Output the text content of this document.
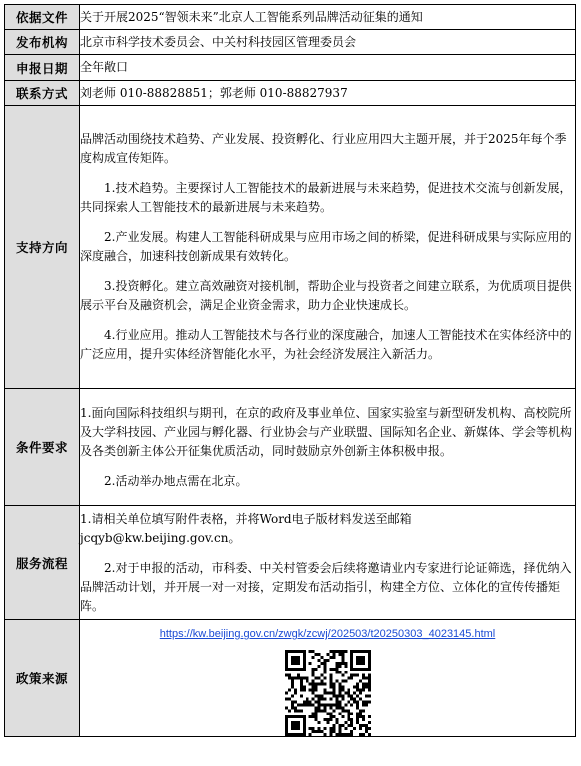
依据文件	关于开展2025“智领未来”北京人工智能系列品牌活动征集的通知
发布机构	北京市科学技术委员会、中关村科技园区管理委员会
申报日期	全年敞口
联系方式	刘老师 010-88828851；郭老师 010-88827937
支持方向	品牌活动围绕技术趋势、产业发展、投资孵化、行业应用四大主题开展，并于2025年每个季度构成宣传矩阵。

1.技术趋势。主要探讨人工智能技术的最新进展与未来趋势，促进技术交流与创新发展，共同探索人工智能技术的最新进展与未来趋势。

2.产业发展。构建人工智能科研成果与应用市场之间的桥梁，促进科研成果与实际应用的深度融合，加速科技创新成果有效转化。

3.投资孵化。建立高效融资对接机制，帮助企业与投资者之间建立联系，为优质项目提供展示平台及融资机会，满足企业资金需求，助力企业快速成长。

4.行业应用。推动人工智能技术与各行业的深度融合，加速人工智能技术在实体经济中的广泛应用，提升实体经济智能化水平，为社会经济发展注入新活力。

条件要求	1.面向国际科技组织与期刊，在京的政府及事业单位、国家实验室与新型研发机构、高校院所及大学科技园、产业园与孵化器、行业协会与产业联盟、国际知名企业、新媒体、学会等机构及各类创新主体公开征集优质活动，同时鼓励京外创新主体积极申报。

2.活动举办地点需在北京。

服务流程	1.请相关单位填写附件表格，并将Word电子版材料发送至邮箱 jcqyb@kw.beijing.gov.cn。

2.对于申报的活动，市科委、中关村管委会后续将邀请业内专家进行论证筛选，择优纳入品牌活动计划，并开展一对一对接，定期发布活动指引，构建全方位、立体化的宣传传播矩阵。

政策来源	https://kw.beijing.gov.cn/zwgk/zcwj/202503/t20250303_4023145.html
